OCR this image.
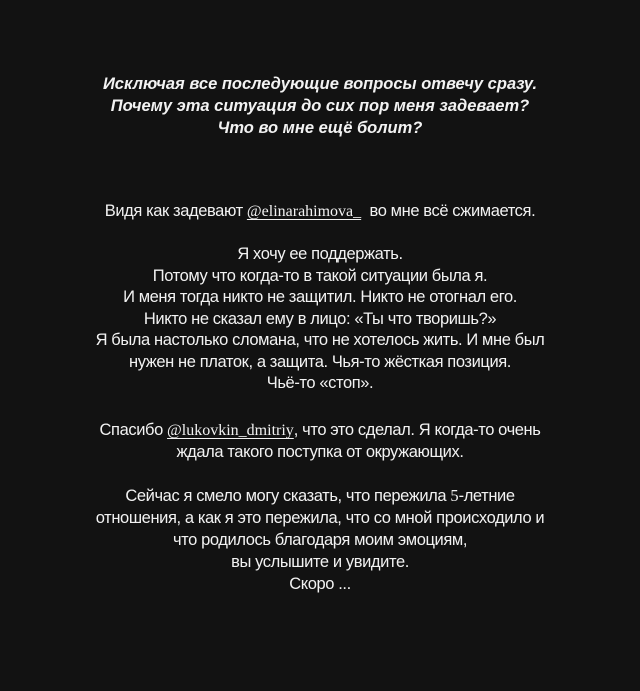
Исключая все последующие вопросы отвечу сразу.
Почему эта ситуация до сих пор меня задевает?
Что во мне ещё болит?
Видя как задевают @elinarahimova_  во мне всё сжимается.
Я хочу ее поддержать.
Потому что когда-то в такой ситуации была я.
И меня тогда никто не защитил. Никто не отогнал его.
Никто не сказал ему в лицо: «Ты что творишь?»
Я была настолько сломана, что не хотелось жить. И мне был
нужен не платок, а защита. Чья-то жёсткая позиция.
Чьё-то «стоп».
Спасибо @lukovkin_dmitriy, что это сделал. Я когда-то очень
ждала такого поступка от окружающих.
Сейчас я смело могу сказать, что пережила 5-летние
отношения, а как я это пережила, что со мной происходило и
что родилось благодаря моим эмоциям,
вы услышите и увидите.
Скоро ...
